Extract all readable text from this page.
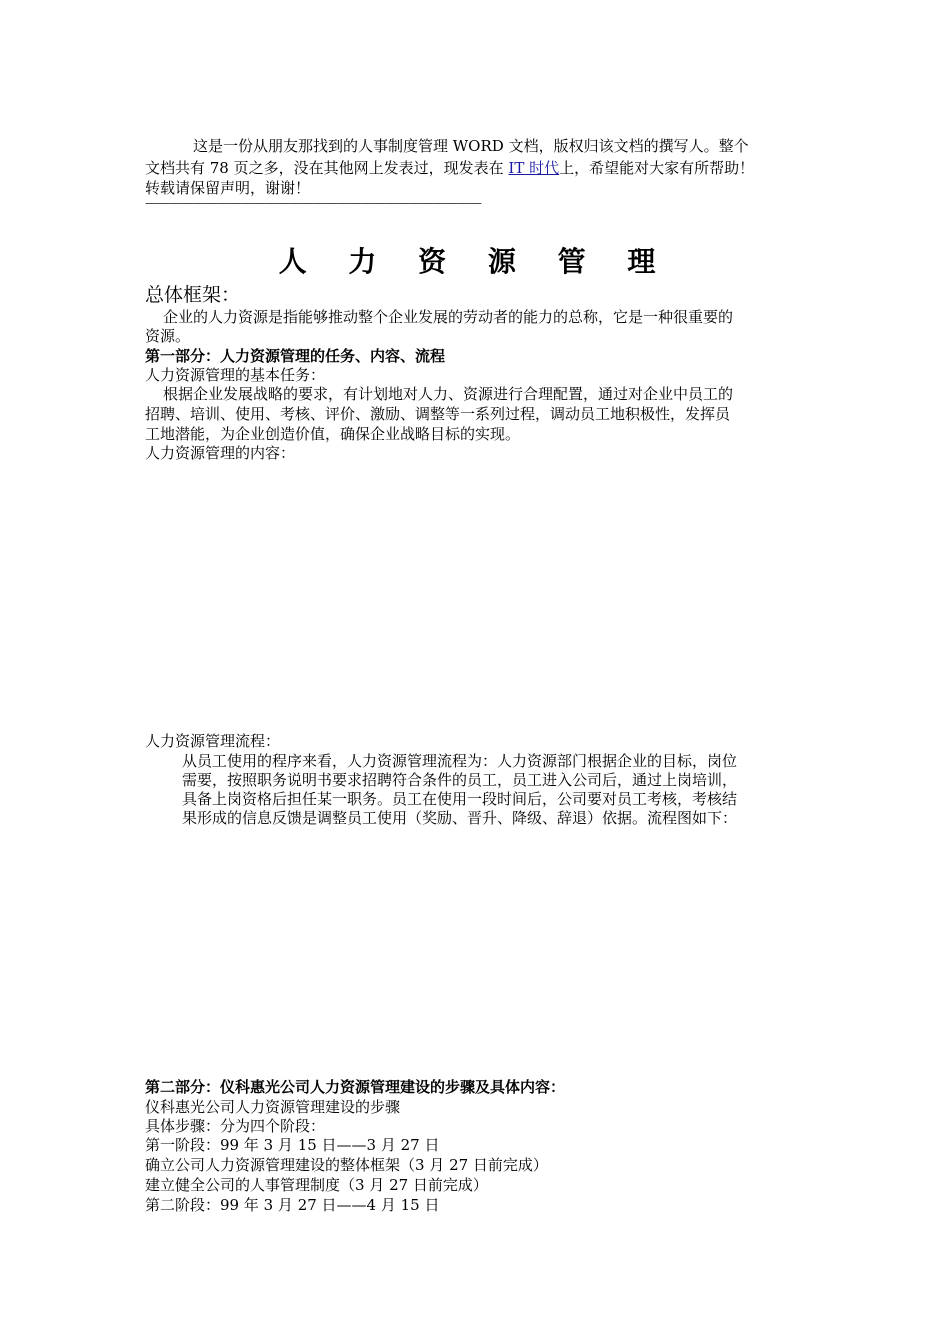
这是一份从朋友那找到的人事制度管理 WORD 文档，版权归该文档的撰写人。整个
文档共有 78 页之多，没在其他网上发表过，现发表在 IT 时代上，希望能对大家有所帮助！
转载请保留声明，谢谢！
————————————————————————————
人 力 资 源 管 理
总体框架：
企业的人力资源是指能够推动整个企业发展的劳动者的能力的总称，它是一种很重要的
资源。
第一部分：人力资源管理的任务、内容、流程
人力资源管理的基本任务：
根据企业发展战略的要求，有计划地对人力、资源进行合理配置，通过对企业中员工的
招聘、培训、使用、考核、评价、激励、调整等一系列过程，调动员工地积极性，发挥员
工地潜能，为企业创造价值，确保企业战略目标的实现。
人力资源管理的内容：
人力资源管理流程：
从员工使用的程序来看，人力资源管理流程为：人力资源部门根据企业的目标，岗位
需要，按照职务说明书要求招聘符合条件的员工，员工进入公司后，通过上岗培训，
具备上岗资格后担任某一职务。员工在使用一段时间后，公司要对员工考核，考核结
果形成的信息反馈是调整员工使用（奖励、晋升、降级、辞退）依据。流程图如下：
第二部分：仪科惠光公司人力资源管理建设的步骤及具体内容：
仪科惠光公司人力资源管理建设的步骤
具体步骤：分为四个阶段：
第一阶段：99 年 3 月 15 日——3 月 27 日
确立公司人力资源管理建设的整体框架（3 月 27 日前完成）
建立健全公司的人事管理制度（3 月 27 日前完成）
第二阶段：99 年 3 月 27 日——4 月 15 日
